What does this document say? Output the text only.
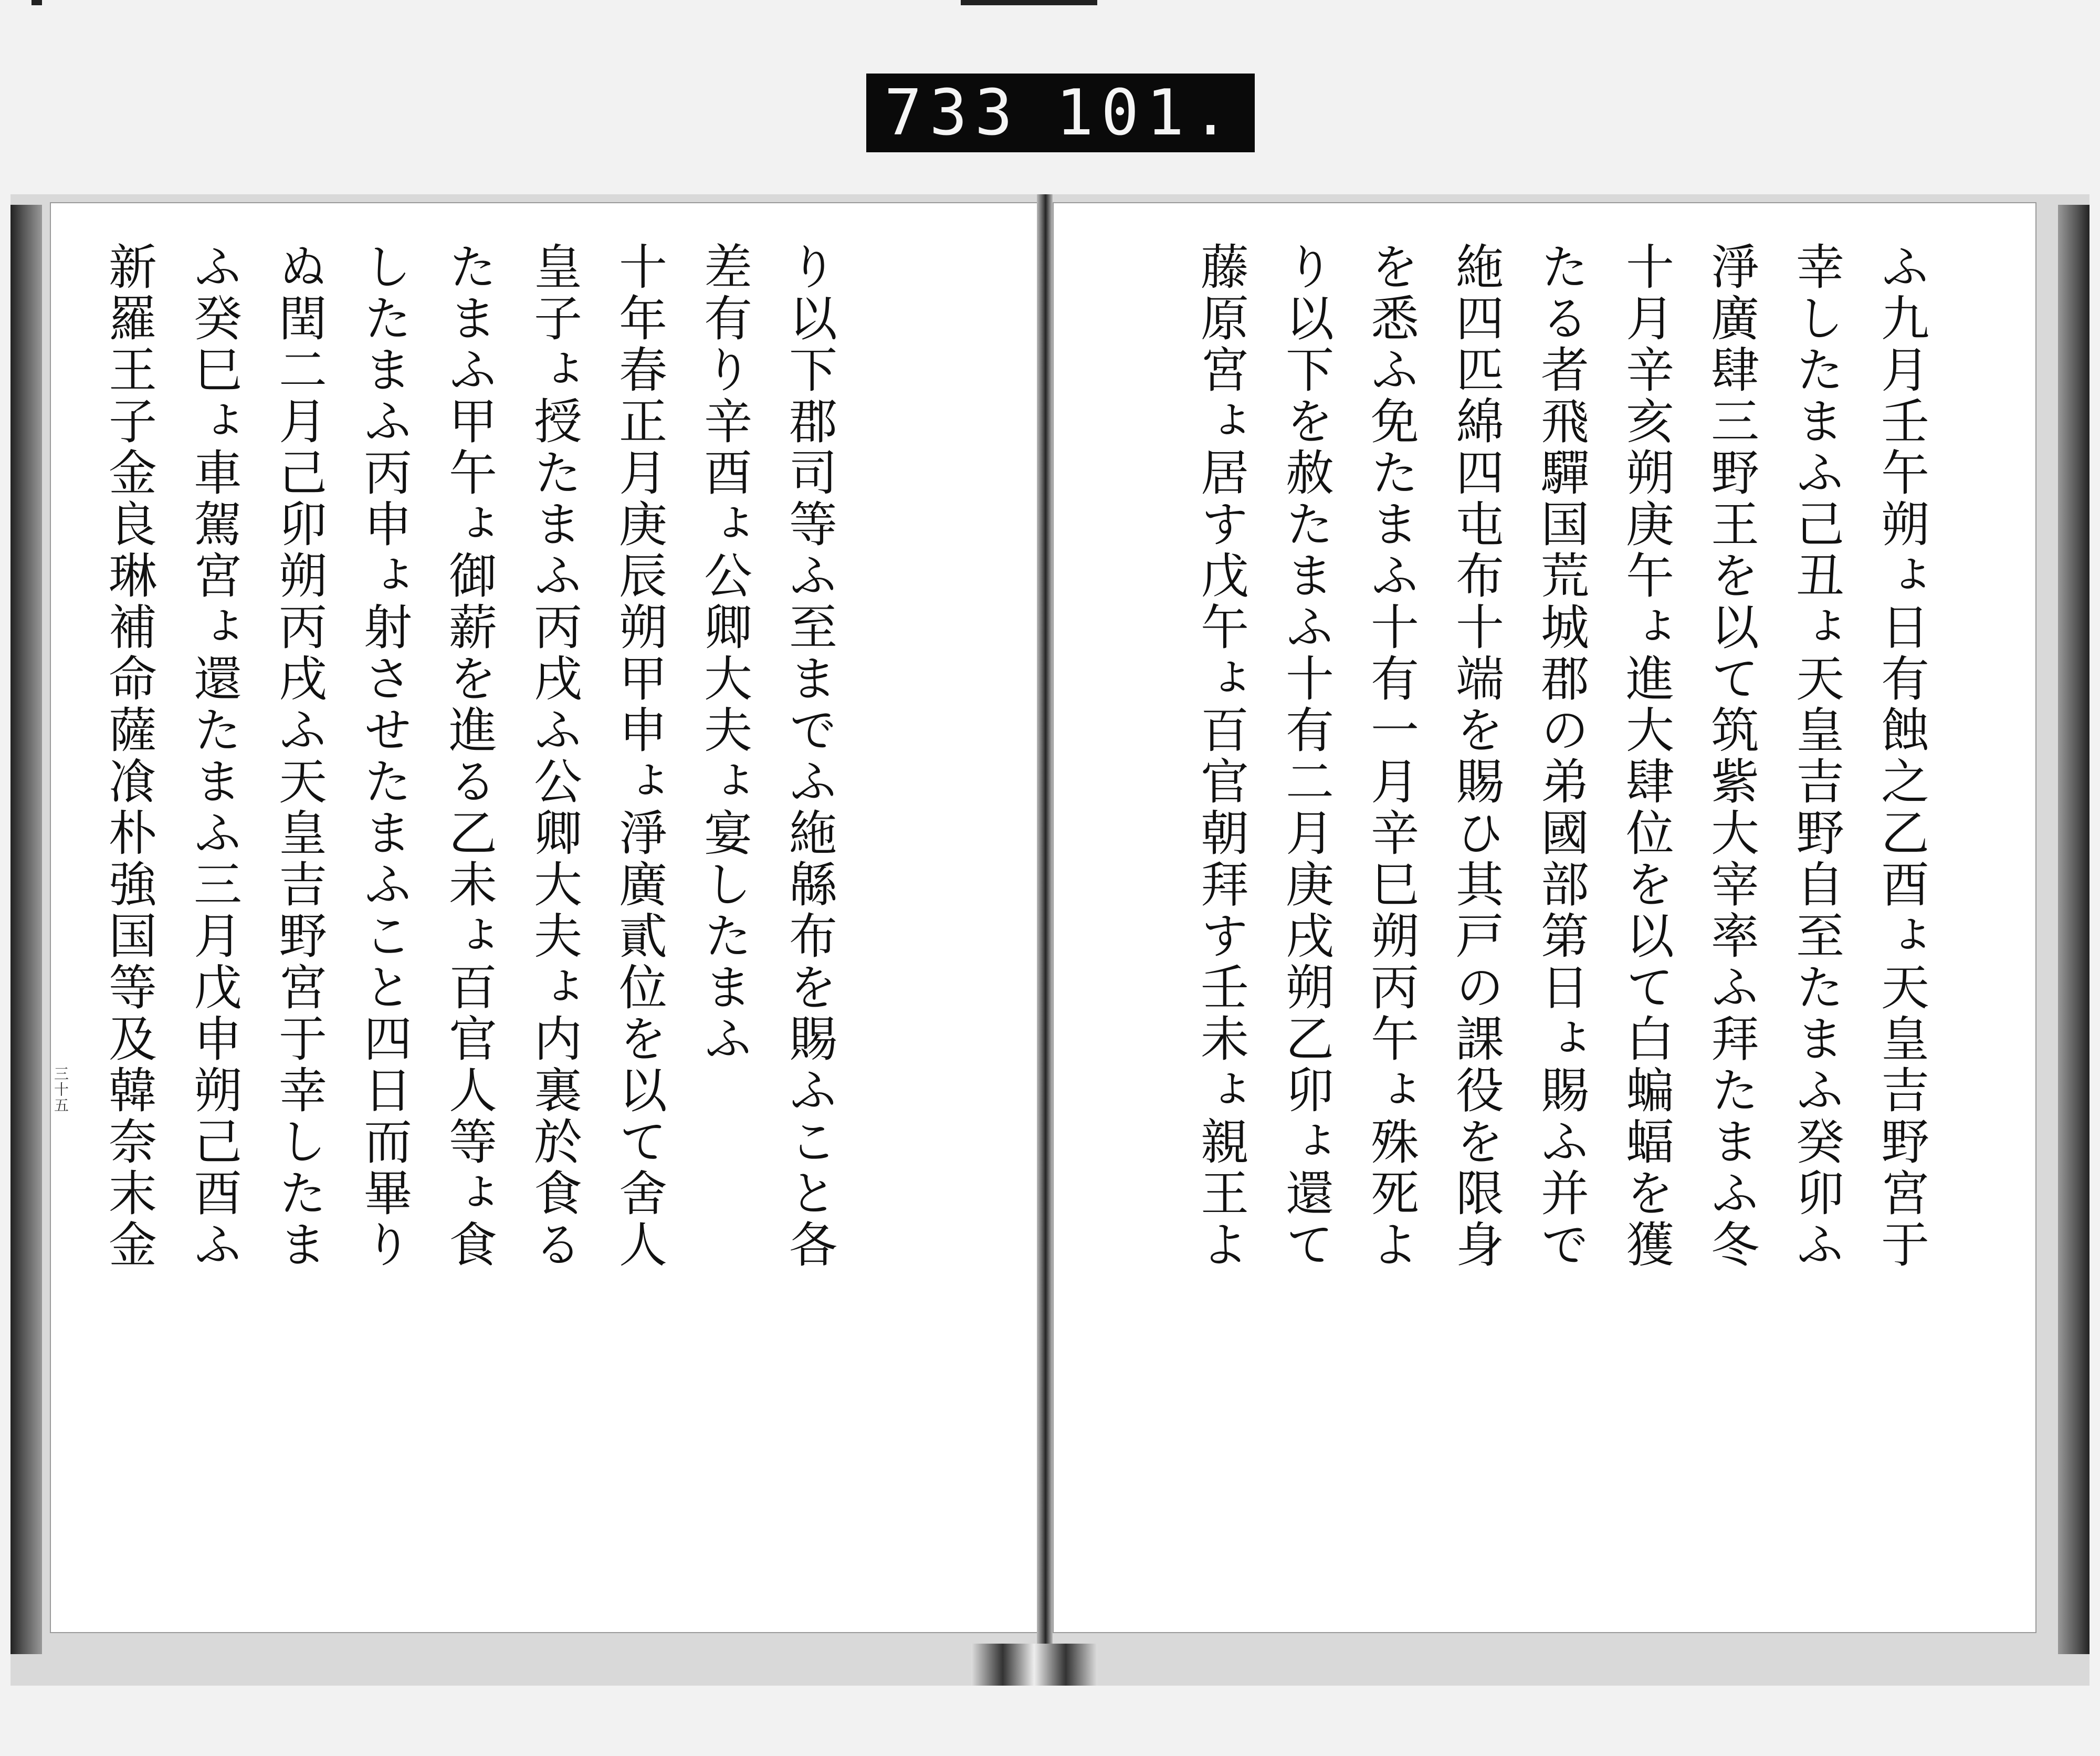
733 101.
ふ九月壬午朔ょ日有蝕之乙酉ょ天皇吉野宮于
幸したまふ己丑ょ天皇吉野自至たまふ癸卯ふ
淨廣肆三野王を以て筑紫大宰率ふ拜たまふ冬
十月辛亥朔庚午ょ進大肆位を以て白蝙蝠を獲
たる者飛驒国荒城郡の弟國部第日ょ賜ふ并で
絁四匹綿四屯布十端を賜ひ其戸の課役を限身
を悉ふ免たまふ十有一月辛巳朔丙午ょ殊死よ
り以下を赦たまふ十有二月庚戌朔乙卯ょ還て
藤原宮ょ居す戊午ょ百官朝拜す壬未ょ親王よ
り以下郡司等ふ至までふ絁緜布を賜ふこと各
差有り辛酉ょ公卿大夫ょ宴したまふ
十年春正月庚辰朔甲申ょ淨廣貳位を以て舍人
皇子ょ授たまふ丙戌ふ公卿大夫ょ内裏於食る
たまふ甲午ょ御薪を進る乙未ょ百官人等ょ食
したまふ丙申ょ射させたまふこと四日而畢り
ぬ閏二月己卯朔丙戌ふ天皇吉野宮于幸したま
ふ癸巳ょ車駕宮ょ還たまふ三月戊申朔己酉ふ
新羅王子金良琳補命薩飡朴強国等及韓奈末金
三十五
